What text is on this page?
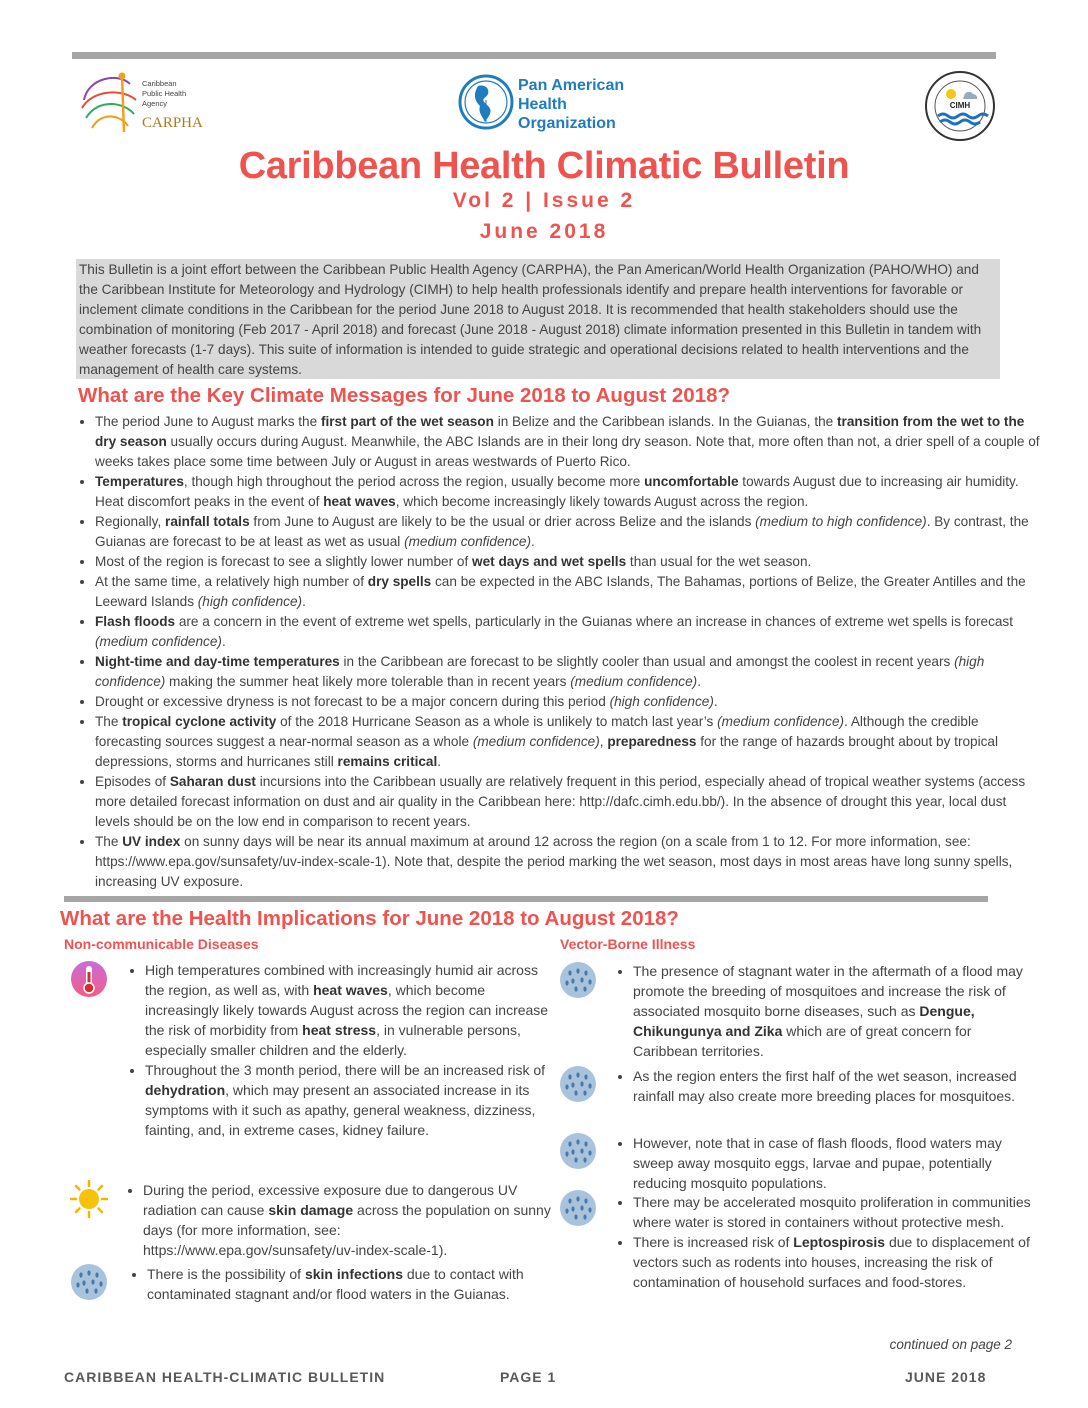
Caribbean
Public Health
Agency
CARPHA
Pan American
Health
Organization
CIMH
Caribbean Health Climatic Bulletin
Vol 2 | Issue 2
June 2018
This Bulletin is a joint effort between the Caribbean Public Health Agency (CARPHA), the Pan American/World Health Organization (PAHO/WHO) and the Caribbean Institute for Meteorology and Hydrology (CIMH) to help health professionals identify and prepare health interventions for favorable or inclement climate conditions in the Caribbean for the period June 2018 to August 2018. It is recommended that health stakeholders should use the combination of monitoring (Feb 2017 - April 2018) and forecast (June 2018 - August 2018) climate information presented in this Bulletin in tandem with weather forecasts (1-7 days). This suite of information is intended to guide strategic and operational decisions related to health interventions and the management of health care systems.
What are the Key Climate Messages for June 2018 to August 2018?
• The period June to August marks the first part of the wet season in Belize and the Caribbean islands. In the Guianas, the transition from the wet to the dry season usually occurs during August. Meanwhile, the ABC Islands are in their long dry season. Note that, more often than not, a drier spell of a couple of weeks takes place some time between July or August in areas westwards of Puerto Rico.
• Temperatures, though high throughout the period across the region, usually become more uncomfortable towards August due to increasing air humidity. Heat discomfort peaks in the event of heat waves, which become increasingly likely towards August across the region.
• Regionally, rainfall totals from June to August are likely to be the usual or drier across Belize and the islands (medium to high confidence). By contrast, the Guianas are forecast to be at least as wet as usual (medium confidence).
• Most of the region is forecast to see a slightly lower number of wet days and wet spells than usual for the wet season.
• At the same time, a relatively high number of dry spells can be expected in the ABC Islands, The Bahamas, portions of Belize, the Greater Antilles and the Leeward Islands (high confidence).
• Flash floods are a concern in the event of extreme wet spells, particularly in the Guianas where an increase in chances of extreme wet spells is forecast (medium confidence).
• Night-time and day-time temperatures in the Caribbean are forecast to be slightly cooler than usual and amongst the coolest in recent years (high confidence) making the summer heat likely more tolerable than in recent years (medium confidence).
• Drought or excessive dryness is not forecast to be a major concern during this period (high confidence).
• The tropical cyclone activity of the 2018 Hurricane Season as a whole is unlikely to match last year’s (medium confidence). Although the credible forecasting sources suggest a near-normal season as a whole (medium confidence), preparedness for the range of hazards brought about by tropical depressions, storms and hurricanes still remains critical.
• Episodes of Saharan dust incursions into the Caribbean usually are relatively frequent in this period, especially ahead of tropical weather systems (access more detailed forecast information on dust and air quality in the Caribbean here: http://dafc.cimh.edu.bb/). In the absence of drought this year, local dust levels should be on the low end in comparison to recent years.
• The UV index on sunny days will be near its annual maximum at around 12 across the region (on a scale from 1 to 12. For more information, see: https://www.epa.gov/sunsafety/uv-index-scale-1). Note that, despite the period marking the wet season, most days in most areas have long sunny spells, increasing UV exposure.
What are the Health Implications for June 2018 to August 2018?
Non-communicable Diseases
• High temperatures combined with increasingly humid air across the region, as well as, with heat waves, which become increasingly likely towards August across the region can increase the risk of morbidity from heat stress, in vulnerable persons, especially smaller children and the elderly.
• Throughout the 3 month period, there will be an increased risk of dehydration, which may present an associated increase in its symptoms with it such as apathy, general weakness, dizziness, fainting, and, in extreme cases, kidney failure.
• During the period, excessive exposure due to dangerous UV radiation can cause skin damage across the population on sunny days (for more information, see: https://www.epa.gov/sunsafety/uv-index-scale-1).
• There is the possibility of skin infections due to contact with contaminated stagnant and/or flood waters in the Guianas.
Vector-Borne Illness
• The presence of stagnant water in the aftermath of a flood may promote the breeding of mosquitoes and increase the risk of associated mosquito borne diseases, such as Dengue, Chikungunya and Zika which are of great concern for Caribbean territories.
• As the region enters the first half of the wet season, increased rainfall may also create more breeding places for mosquitoes.
• However, note that in case of flash floods, flood waters may sweep away mosquito eggs, larvae and pupae, potentially reducing mosquito populations.
• There may be accelerated mosquito proliferation in communities where water is stored in containers without protective mesh.
• There is increased risk of Leptospirosis due to displacement of vectors such as rodents into houses, increasing the risk of contamination of household surfaces and food-stores.
continued on page 2
CARIBBEAN HEALTH-CLIMATIC BULLETIN	PAGE 1	JUNE 2018
